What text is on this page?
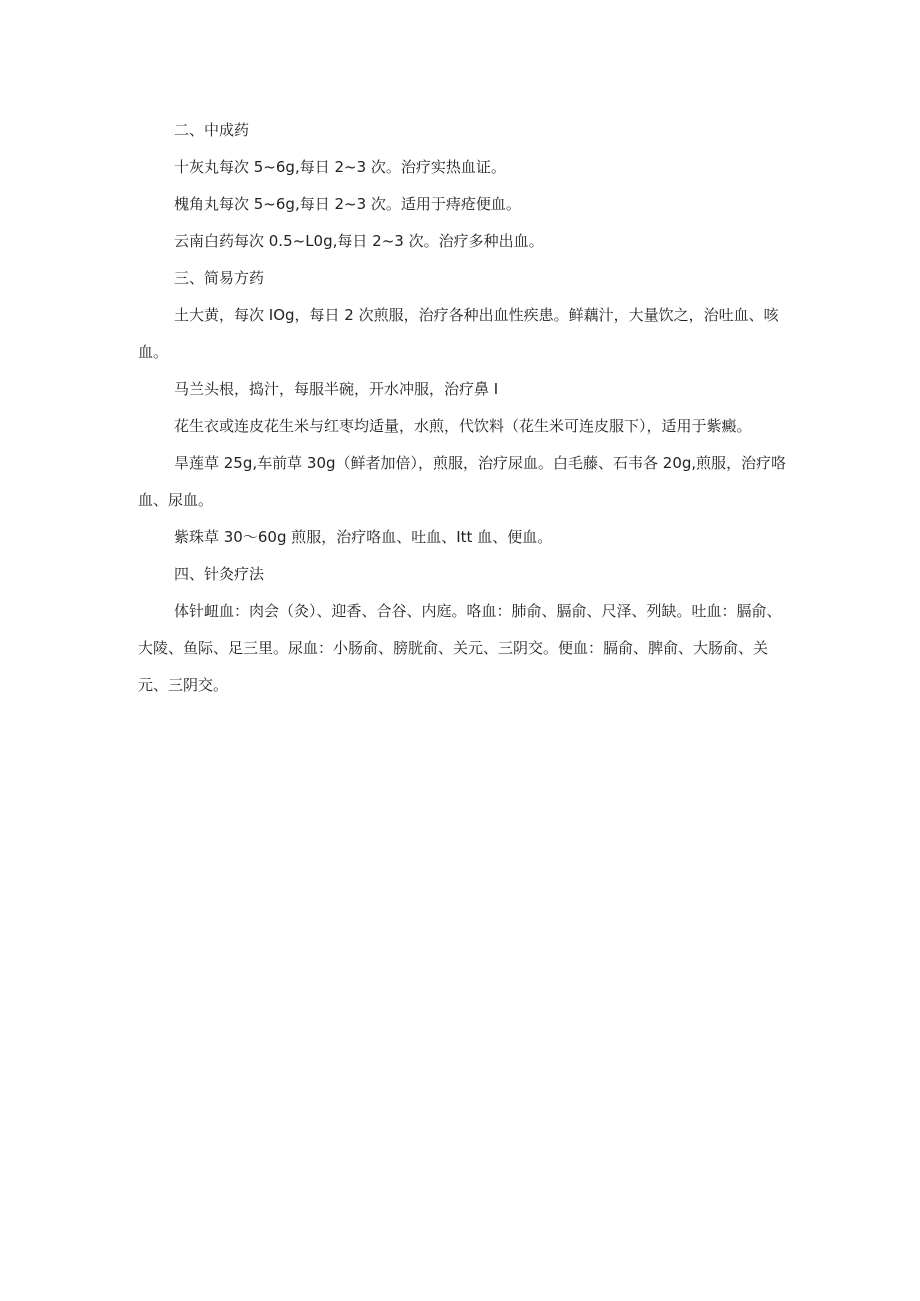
二、中成药

十灰丸每次 5~6g,每日 2~3 次。治疗实热血证。

槐角丸每次 5~6g,每日 2~3 次。适用于痔疮便血。

云南白药每次 0.5~L0g,每日 2~3 次。治疗多种出血。

三、简易方药

土大黄，每次 IOg，每日 2 次煎服，治疗各种出血性疾患。鲜藕汁，大量饮之，治吐血、咳血。

马兰头根，捣汁，每服半碗，开水冲服，治疗鼻 I

花生衣或连皮花生米与红枣均适量，水煎，代饮料（花生米可连皮服下），适用于紫癜。

旱莲草 25g,车前草 30g（鲜者加倍），煎服，治疗尿血。白毛藤、石韦各 20g,煎服，治疗咯血、尿血。

紫珠草 30～60g 煎服，治疗咯血、吐血、Itt 血、便血。

四、针灸疗法

体针衄血：肉会（灸）、迎香、合谷、内庭。咯血：肺俞、膈俞、尺泽、列缺。吐血：膈俞、大陵、鱼际、足三里。尿血：小肠俞、膀胱俞、关元、三阴交。便血：膈俞、脾俞、大肠俞、关元、三阴交。
